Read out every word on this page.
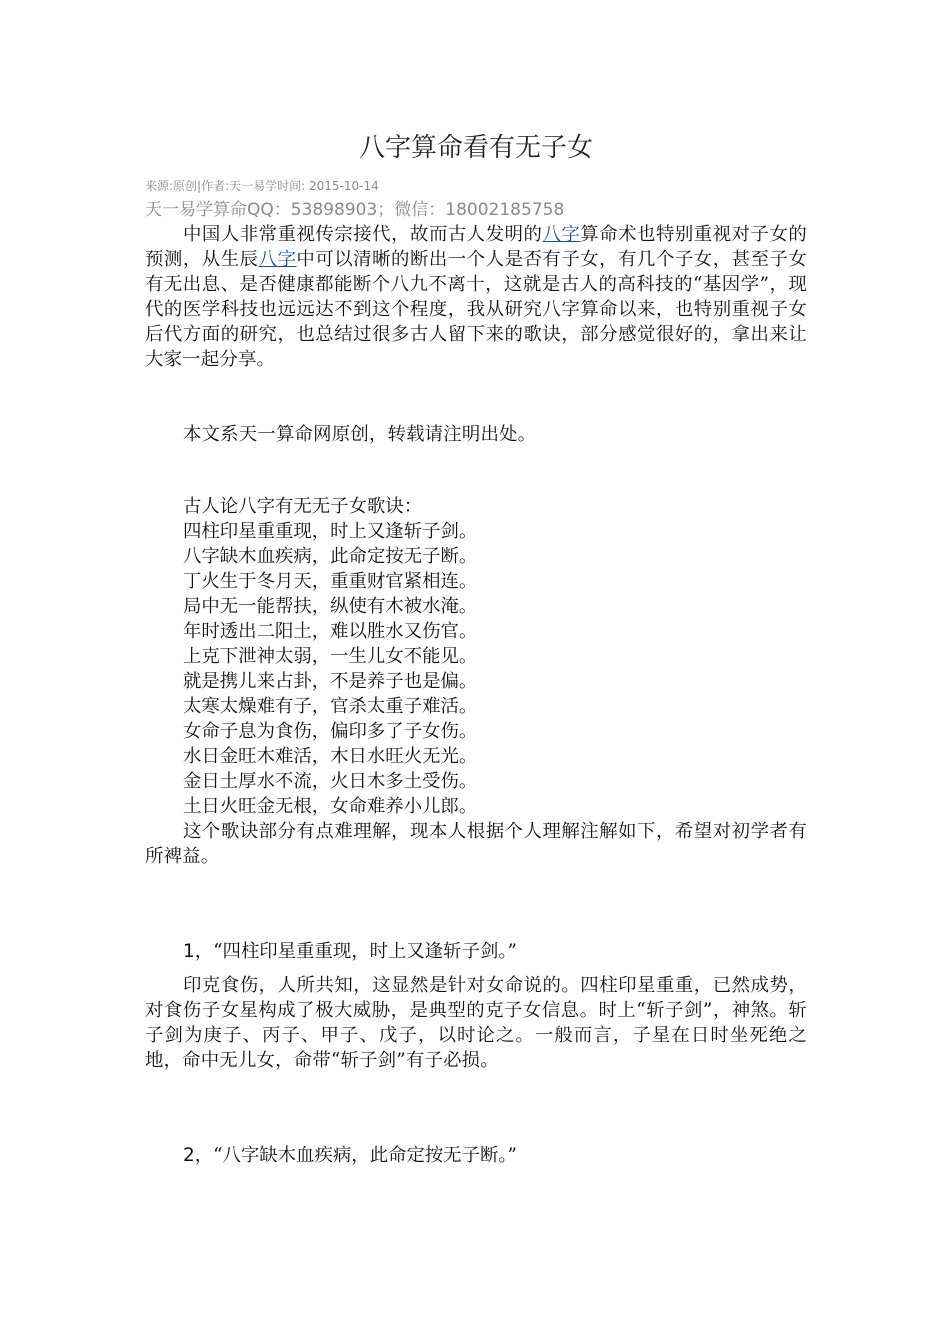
八字算命看有无子女
来源:原创|作者:天一易学时间: 2015-10-14
天一易学算命QQ：53898903；微信：18002185758

中国人非常重视传宗接代，故而古人发明的八字算命术也特别重视对子女的预测，从生辰八字中可以清晰的断出一个人是否有子女，有几个子女，甚至子女有无出息、是否健康都能断个八九不离十，这就是古人的高科技的“基因学”，现代的医学科技也远远达不到这个程度，我从研究八字算命以来，也特别重视子女后代方面的研究，也总结过很多古人留下来的歌诀，部分感觉很好的，拿出来让大家一起分享。

本文系天一算命网原创，转载请注明出处。

古人论八字有无无子女歌诀：

四柱印星重重现，时上又逢斩子剑。

八字缺木血疾病，此命定按无子断。

丁火生于冬月天，重重财官紧相连。

局中无一能帮扶，纵使有木被水淹。

年时透出二阳土，难以胜水又伤官。

上克下泄神太弱，一生儿女不能见。

就是携儿来占卦，不是养子也是偏。

太寒太燥难有子，官杀太重子难活。

女命子息为食伤，偏印多了子女伤。

水日金旺木难活，木日水旺火无光。

金日土厚水不流，火日木多土受伤。

土日火旺金无根，女命难养小儿郎。

这个歌诀部分有点难理解，现本人根据个人理解注解如下，希望对初学者有所裨益。

1，“四柱印星重重现，时上又逢斩子剑。”

印克食伤，人所共知，这显然是针对女命说的。四柱印星重重，已然成势，对食伤子女星构成了极大威胁，是典型的克子女信息。时上“斩子剑”，神煞。斩子剑为庚子、丙子、甲子、戊子，以时论之。一般而言，子星在日时坐死绝之地，命中无儿女，命带“斩子剑”有子必损。

2，“八字缺木血疾病，此命定按无子断。”
